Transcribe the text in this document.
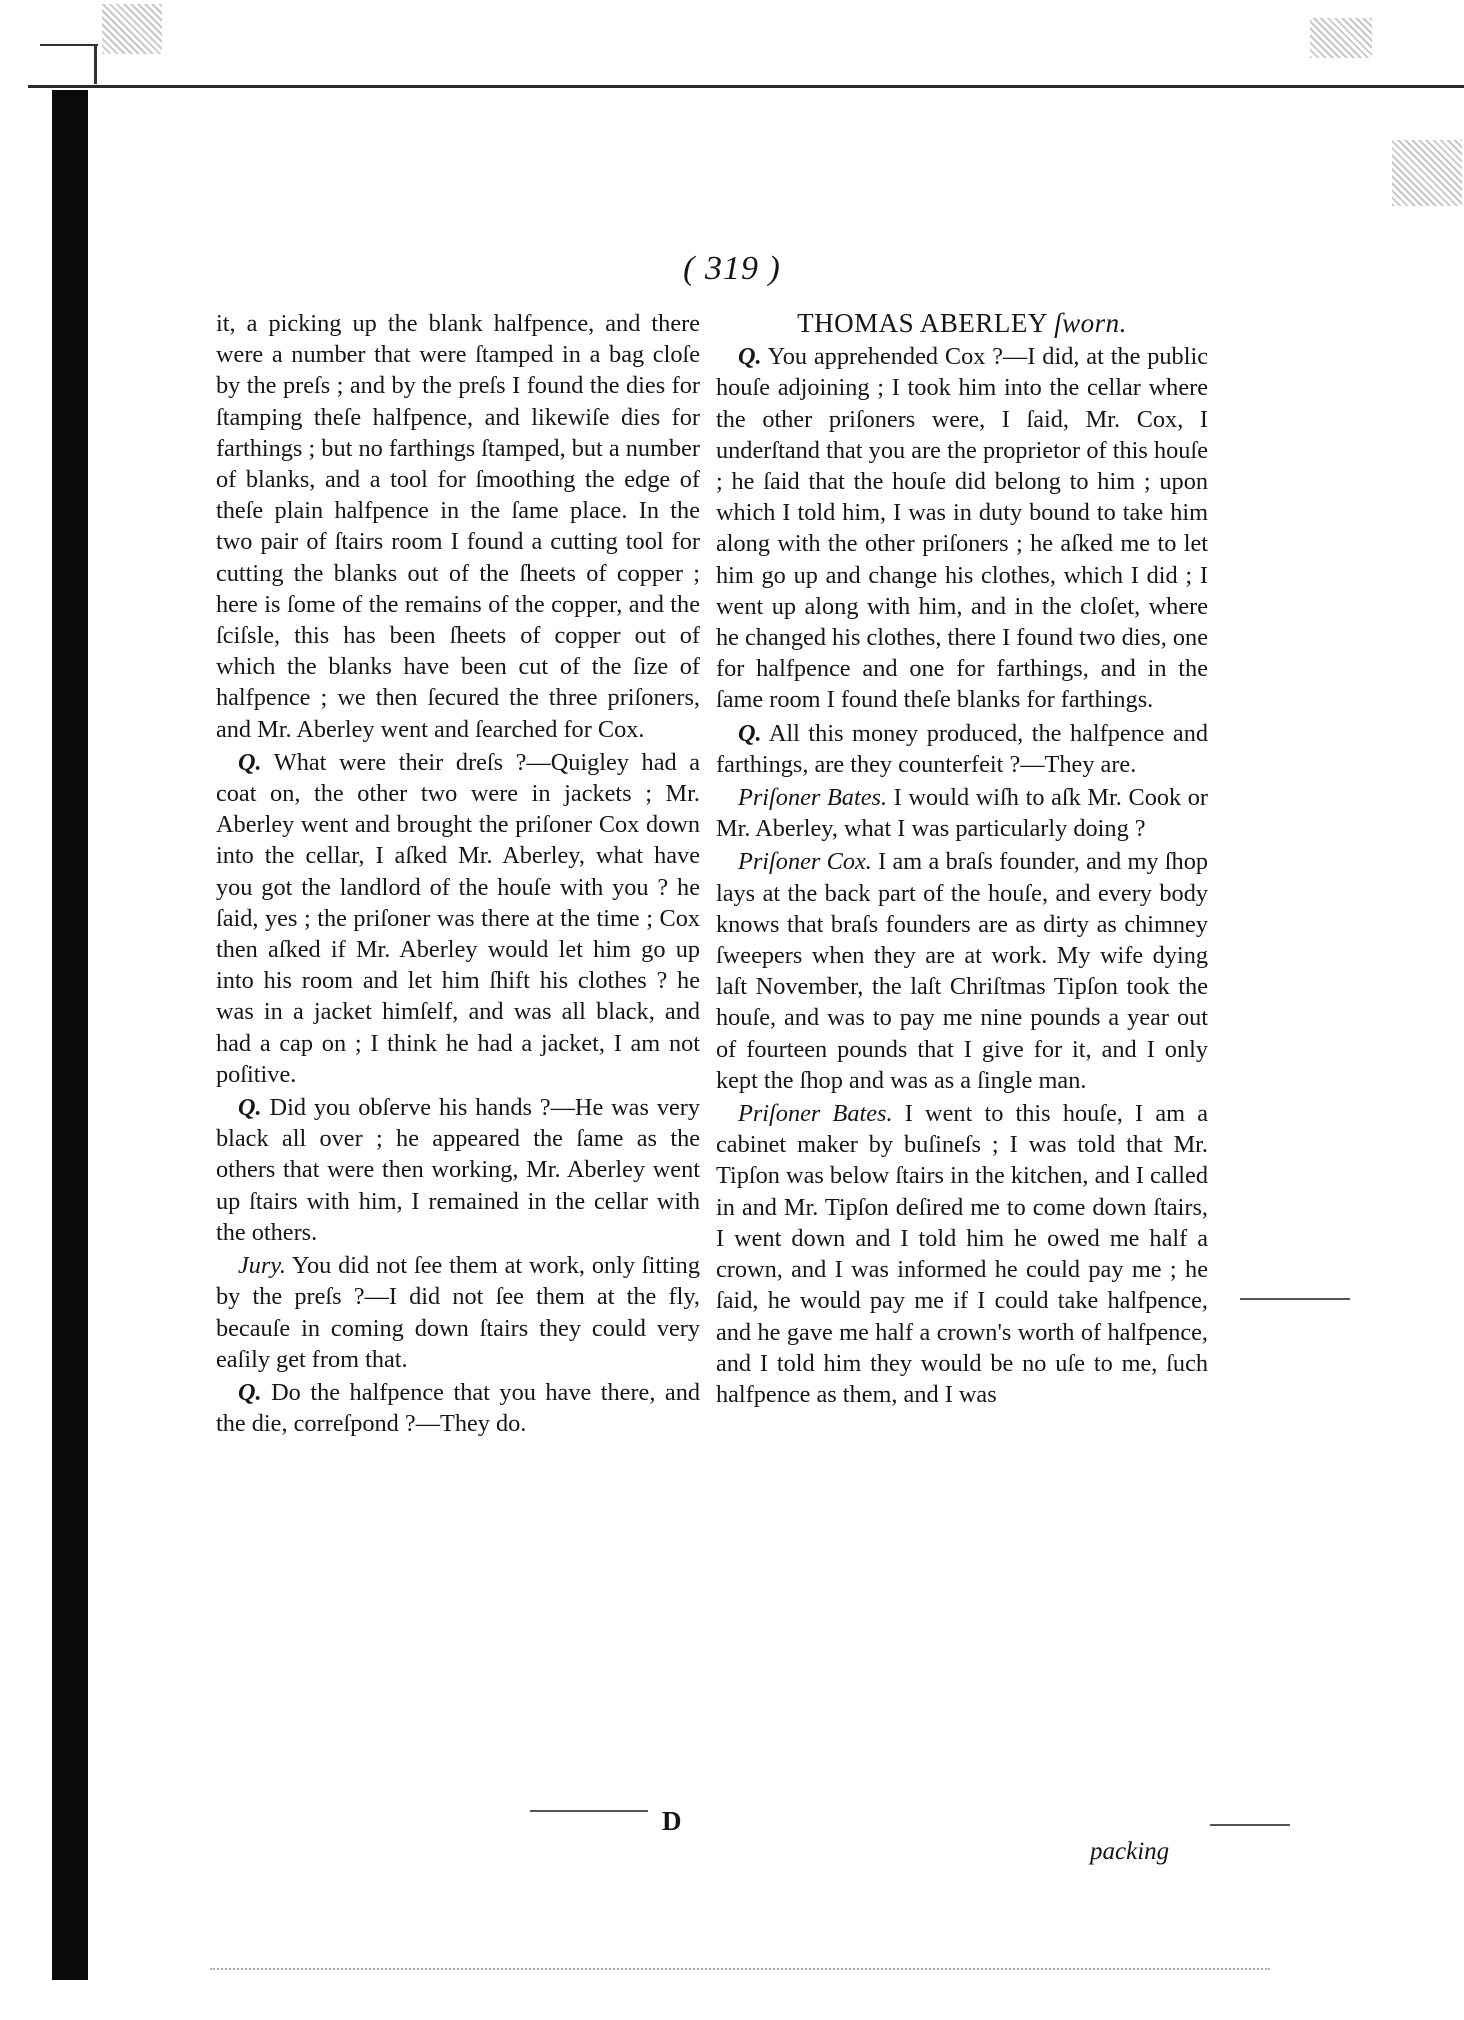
( 319 )

it, a picking up the blank halfpence, and there were a number that were ſtamped in a bag cloſe by the preſs ; and by the preſs I found the dies for ſtamping theſe halfpence, and likewiſe dies for farthings ; but no farthings ſtamped, but a number of blanks, and a tool for ſmoothing the edge of theſe plain halfpence in the ſame place. In the two pair of ſtairs room I found a cutting tool for cutting the blanks out of the ſheets of copper ; here is ſome of the remains of the copper, and the ſciſsle, this has been ſheets of copper out of which the blanks have been cut of the ſize of halfpence ; we then ſecured the three priſoners, and Mr. Aberley went and ſearched for Cox.

Q. What were their dreſs ?—Quigley had a coat on, the other two were in jackets ; Mr. Aberley went and brought the priſoner Cox down into the cellar, I aſked Mr. Aberley, what have you got the landlord of the houſe with you ? he ſaid, yes ; the priſoner was there at the time ; Cox then aſked if Mr. Aberley would let him go up into his room and let him ſhift his clothes ? he was in a jacket himſelf, and was all black, and had a cap on ; I think he had a jacket, I am not poſitive.

Q. Did you obſerve his hands ?—He was very black all over ; he appeared the ſame as the others that were then working, Mr. Aberley went up ſtairs with him, I remained in the cellar with the others.

Jury. You did not ſee them at work, only ſitting by the preſs ?—I did not ſee them at the fly, becauſe in coming down ſtairs they could very eaſily get from that.

Q. Do the halfpence that you have there, and the die, correſpond ?—They do.

THOMAS ABERLEY ſworn.

Q. You apprehended Cox ?—I did, at the public houſe adjoining ; I took him into the cellar where the other priſoners were, I ſaid, Mr. Cox, I underſtand that you are the proprietor of this houſe ; he ſaid that the houſe did belong to him ; upon which I told him, I was in duty bound to take him along with the other priſoners ; he aſked me to let him go up and change his clothes, which I did ; I went up along with him, and in the cloſet, where he changed his clothes, there I found two dies, one for halfpence and one for farthings, and in the ſame room I found theſe blanks for farthings.

Q. All this money produced, the halfpence and farthings, are they counterfeit ?—They are.

Priſoner Bates. I would wiſh to aſk Mr. Cook or Mr. Aberley, what I was particularly doing ?

Priſoner Cox. I am a braſs founder, and my ſhop lays at the back part of the houſe, and every body knows that braſs founders are as dirty as chimney ſweepers when they are at work. My wife dying laſt November, the laſt Chriſtmas Tipſon took the houſe, and was to pay me nine pounds a year out of fourteen pounds that I give for it, and I only kept the ſhop and was as a ſingle man.

Priſoner Bates. I went to this houſe, I am a cabinet maker by buſineſs ; I was told that Mr. Tipſon was below ſtairs in the kitchen, and I called in and Mr. Tipſon deſired me to come down ſtairs, I went down and I told him he owed me half a crown, and I was informed he could pay me ; he ſaid, he would pay me if I could take halfpence, and he gave me half a crown's worth of halfpence, and I told him they would be no uſe to me, ſuch halfpence as them, and I was

D
packing
